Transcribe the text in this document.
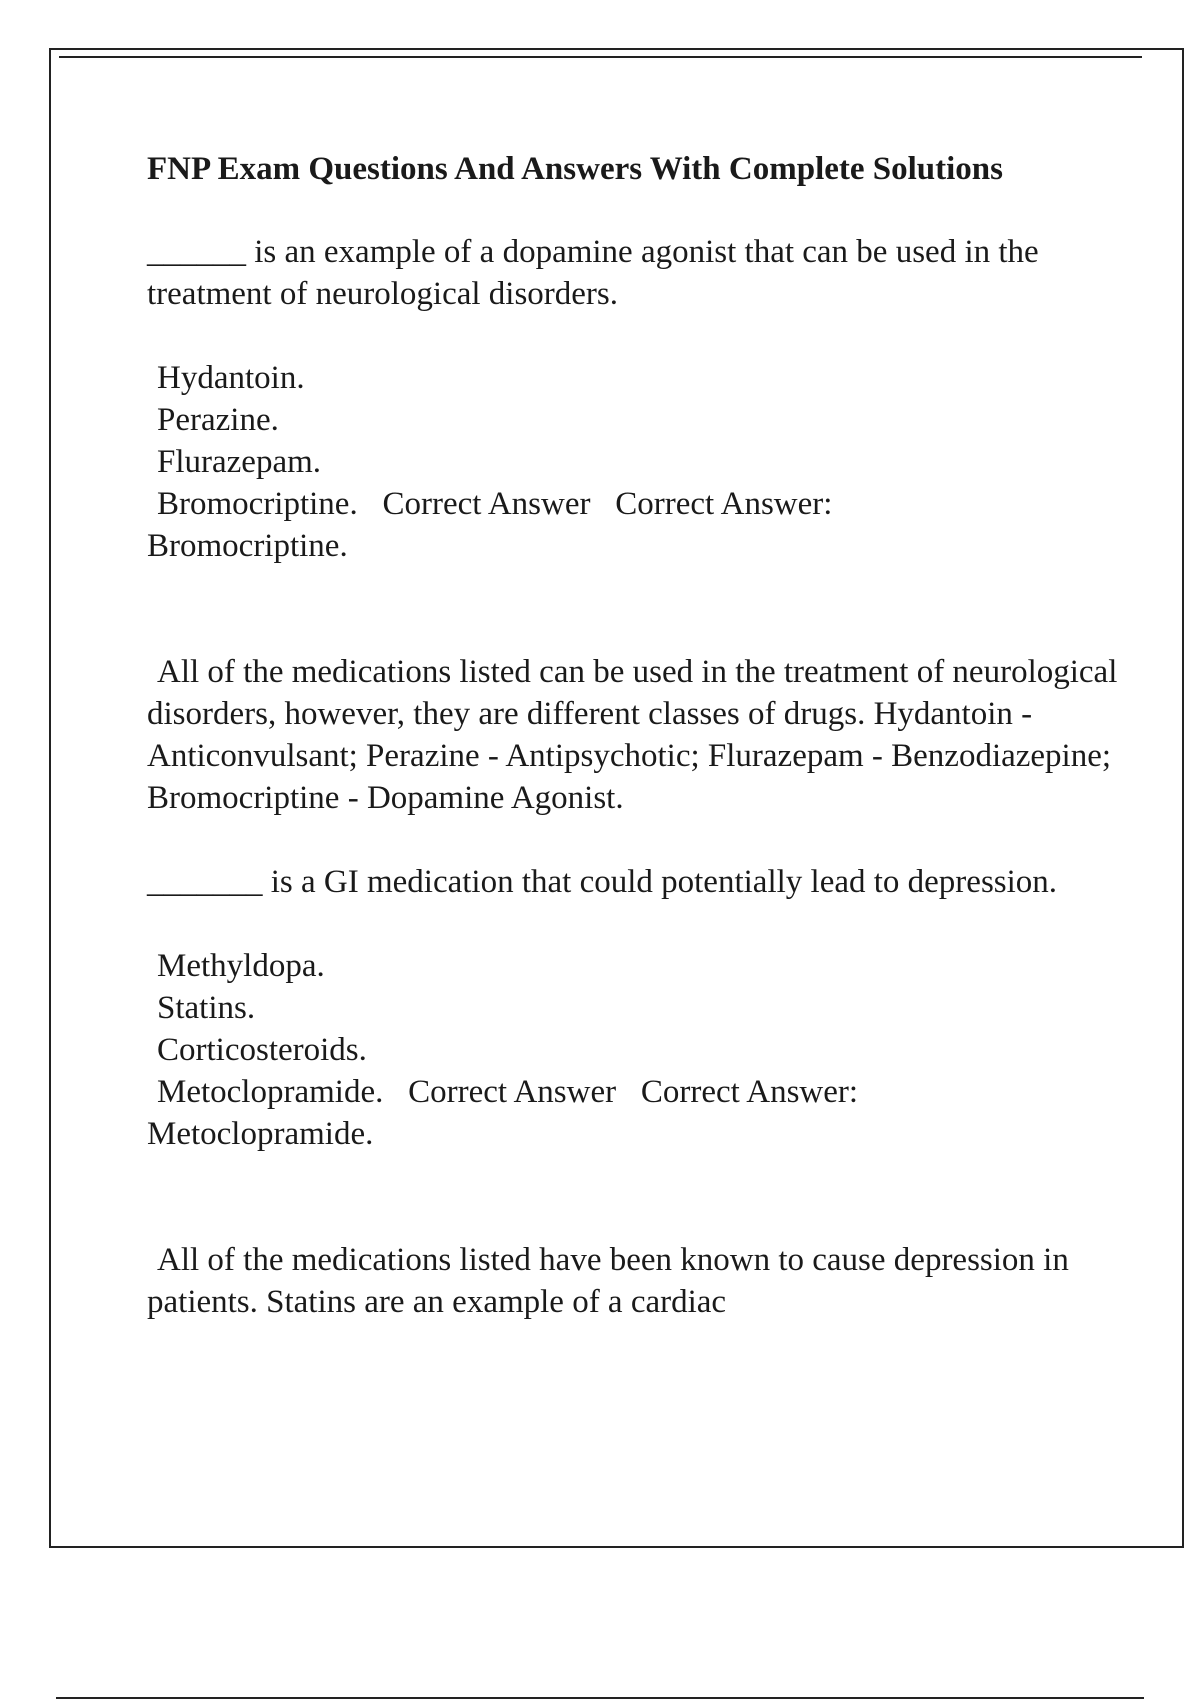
FNP Exam Questions And Answers With Complete Solutions
______ is an example of a dopamine agonist that can be used in the treatment of neurological disorders.
Hydantoin.
Perazine.
Flurazepam.
Bromocriptine.   Correct Answer   Correct Answer:
Bromocriptine.
All of the medications listed can be used in the treatment of neurological disorders, however, they are different classes of drugs. Hydantoin - Anticonvulsant; Perazine - Antipsychotic; Flurazepam - Benzodiazepine; Bromocriptine - Dopamine Agonist.
_______ is a GI medication that could potentially lead to depression.
Methyldopa.
Statins.
Corticosteroids.
Metoclopramide.   Correct Answer   Correct Answer:
Metoclopramide.
All of the medications listed have been known to cause depression in patients. Statins are an example of a cardiac
